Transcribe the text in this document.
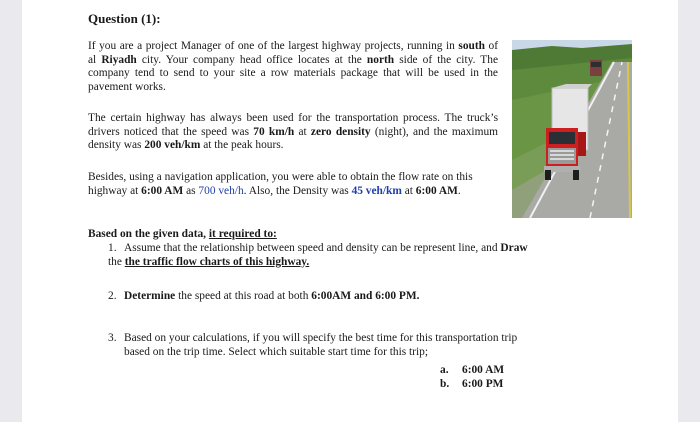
Question (1):
If you are a project Manager of one of the largest highway projects, running in south of al Riyadh city. Your company head office locates at the north side of the city. The company tend to send to your site a row materials package that will be used in the pavement works.
The certain highway has always been used for the transportation process. The truck’s drivers noticed that the speed was 70 km/h at zero density (night), and the maximum density was 200 veh/km at the peak hours.
Besides, using a navigation application, you were able to obtain the flow rate on this highway at 6:00 AM as 700 veh/h. Also, the Density was 45 veh/km at 6:00 AM.
Based on the given data, it required to:
1. Assume that the relationship between speed and density can be represent line, and Draw the the traffic flow charts of this highway.
2. Determine the speed at this road at both 6:00AM and 6:00 PM.
3. Based on your calculations, if you will specify the best time for this transportation trip
based on the trip time. Select which suitable start time for this trip;
a. 6:00 AM
b. 6:00 PM
